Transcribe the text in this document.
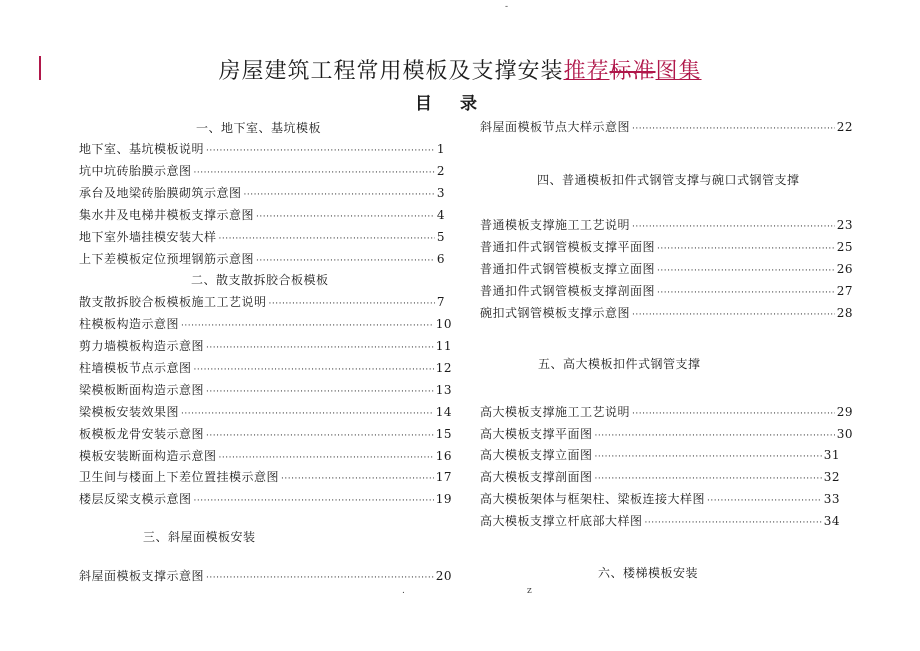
-
房屋建筑工程常用模板及支撑安装推荐标准图集
目录
一、地下室、基坑模板
地下室、基坑模板说明 ·····	1
坑中坑砖胎膜示意图 ·····	2
承台及地梁砖胎膜砌筑示意图 ·····	3
集水井及电梯井模板支撑示意图 ·····	4
地下室外墙挂模安装大样 ·····	5
上下差模板定位预埋钢筋示意图 ·····	6
二、散支散拆胶合板模板
散支散拆胶合板模板施工工艺说明 ·····	7
柱模板构造示意图 ·····	10
剪力墙模板构造示意图 ·····	11
柱墙模板节点示意图 ·····	12
梁模板断面构造示意图 ·····	13
梁模板安装效果图 ·····	14
板模板龙骨安装示意图 ·····	15
模板安装断面构造示意图 ·····	16
卫生间与楼面上下差位置挂模示意图 ·····	17
楼层反梁支模示意图 ·····	19
三、斜屋面模板安装
斜屋面模板支撑示意图 ·····	20
斜屋面模板节点大样示意图 ·····	22
四、普通模板扣件式钢管支撑与碗口式钢管支撑
普通模板支撑施工工艺说明 ·····	23
普通扣件式钢管模板支撑平面图 ·····	25
普通扣件式钢管模板支撑立面图 ·····	26
普通扣件式钢管模板支撑剖面图 ·····	27
碗扣式钢管模板支撑示意图 ·····	28
五、高大模板扣件式钢管支撑
高大模板支撑施工工艺说明 ·····	29
高大模板支撑平面图 ·····	30
高大模板支撑立面图 ·····	31
高大模板支撑剖面图 ·····	32
高大模板架体与框架柱、梁板连接大样图 ·····	33
高大模板支撑立杆底部大样图 ·····	34
六、楼梯模板安装
.	z
